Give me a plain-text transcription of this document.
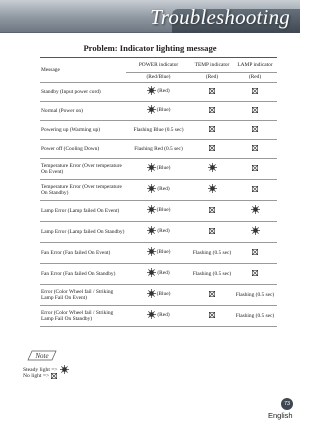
Troubleshooting
Problem: Indicator lighting message
Message	POWER indicator	TEMP indicator	LAMP indicator
	(Red/Blue)	(Red)	(Red)
Standby (Input power cord)	(Red)

Normal (Power on)	(Blue)

Powering up (Warming up)	Flashing Blue (0.5 sec)

Power off (Cooling Down)	Flashing Red (0.5 sec)

Temperature Error (Over temperature On Event)	(Blue)

Temperature Error (Over temperature On Standby)	(Red)

Lamp Error (Lamp failed On Event)	(Blue)

Lamp Error (Lamp failed On Standby)	(Red)

Fan Error (Fan failed On Event)	(Blue)	Flashing (0.5 sec)

Fan Error (Fan failed On Standby)	(Red)	Flashing (0.5 sec)

Error (Color Wheel fail / Striking Lamp Fail On Event)	(Blue)		Flashing (0.5 sec)

Error (Color Wheel fail / Striking Lamp Fail On Standby)	(Red)		Flashing (0.5 sec)
Note
Steady light =>
No light =>
73
English
